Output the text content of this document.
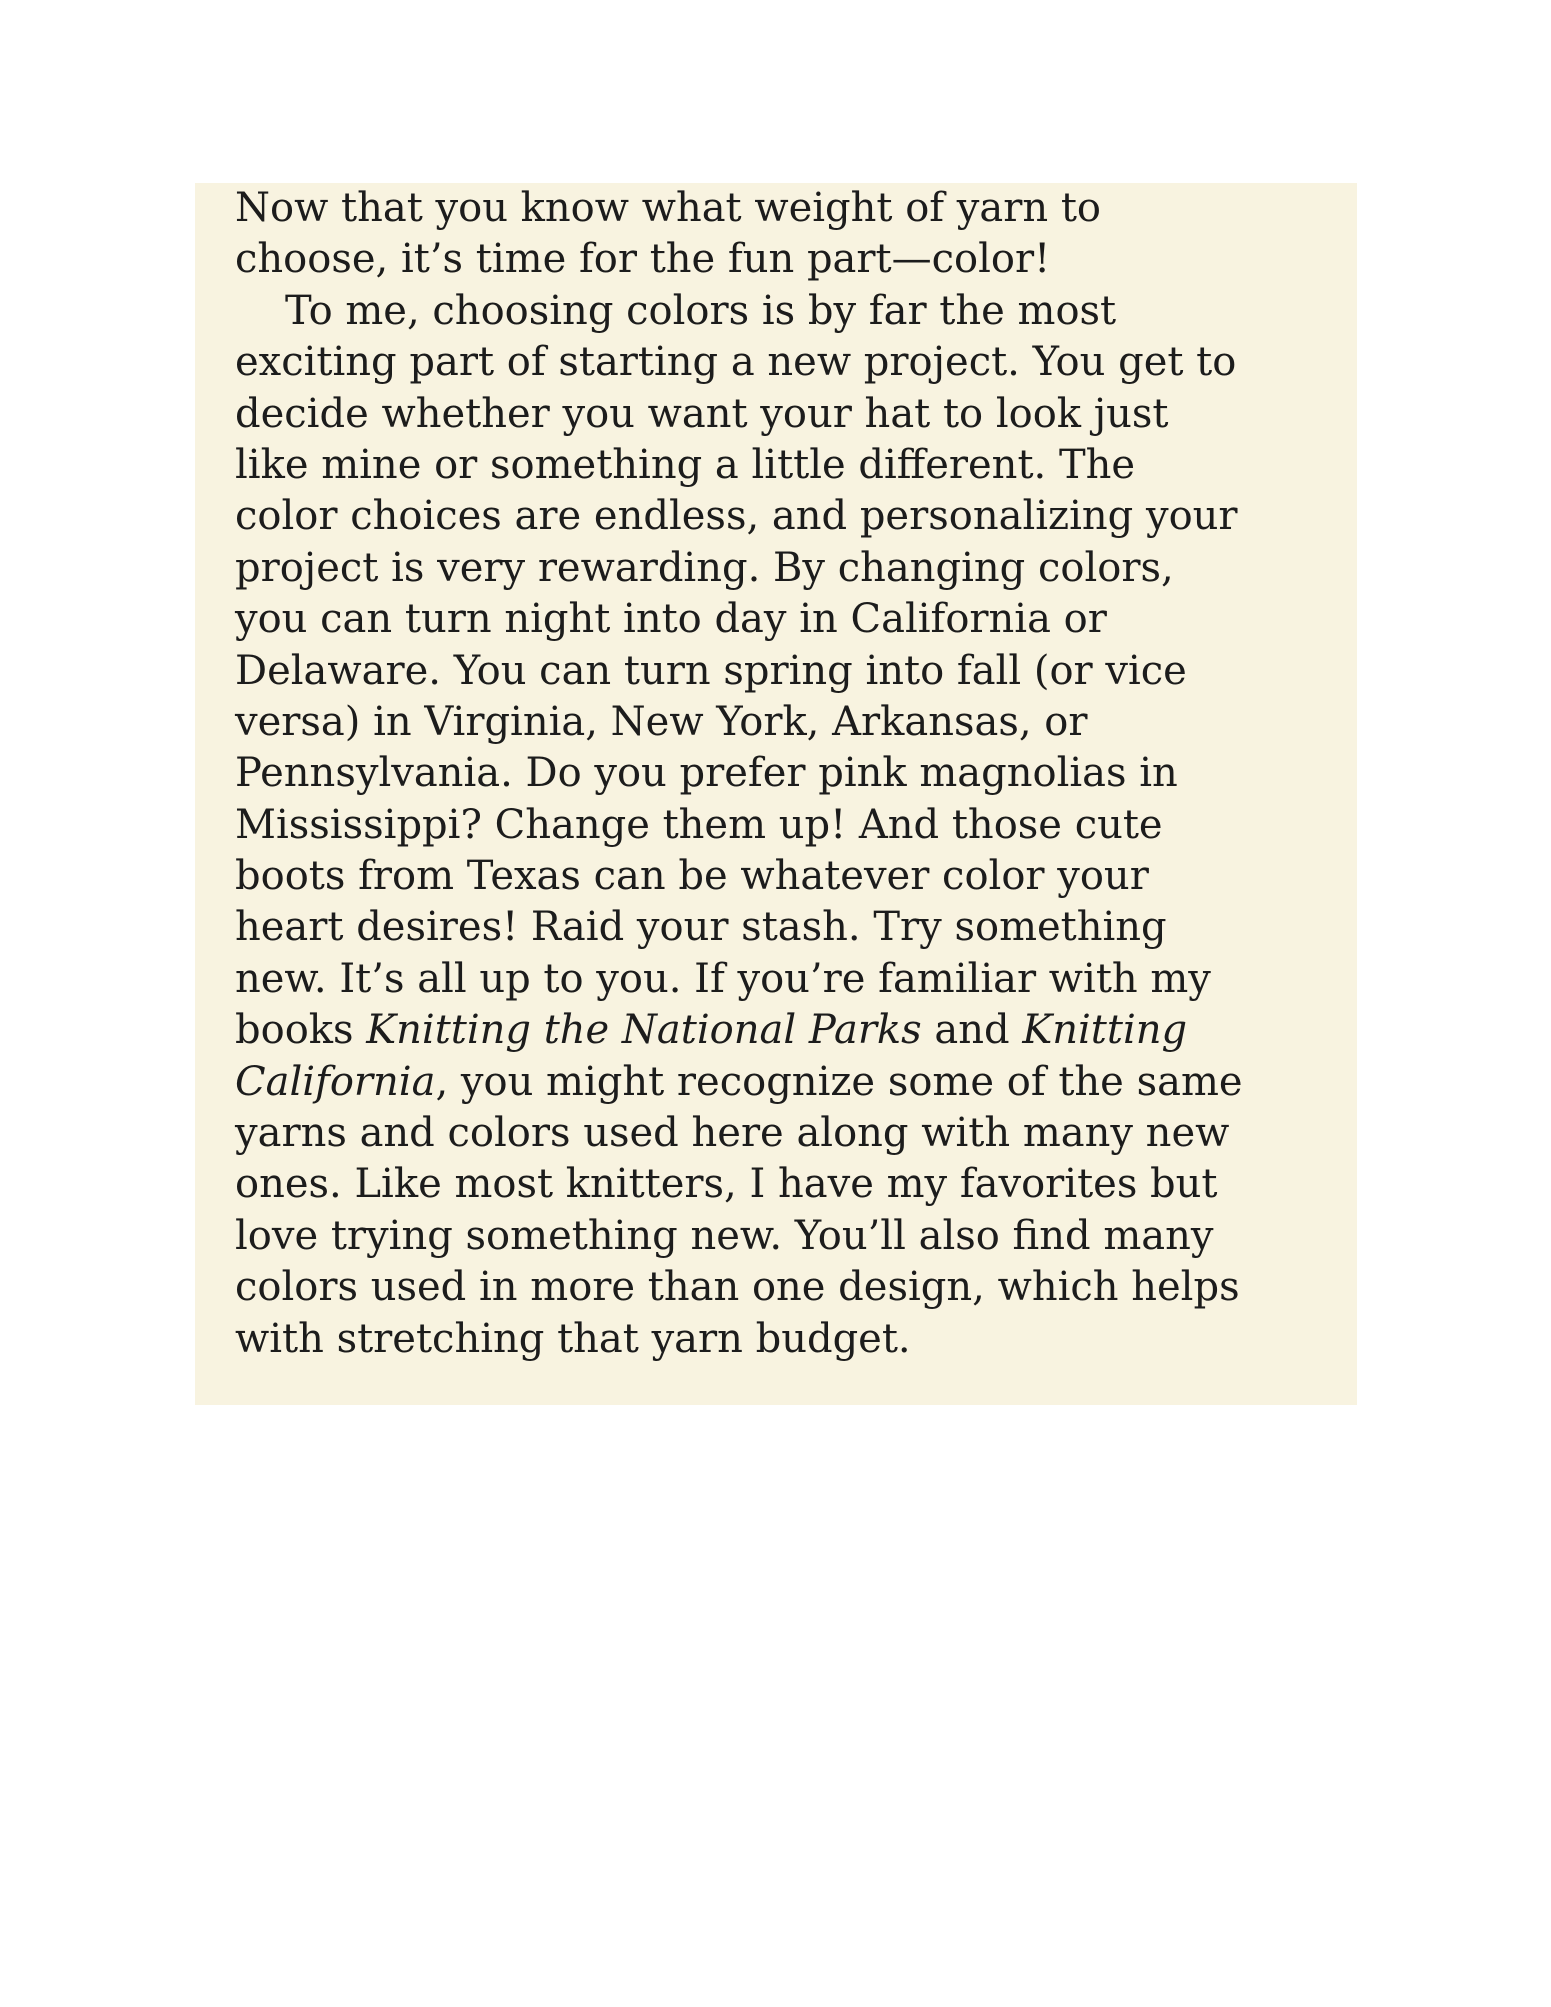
Now that you know what weight of yarn to
choose, it’s time for the fun part—color!
To me, choosing colors is by far the most
exciting part of starting a new project. You get to
decide whether you want your hat to look just
like mine or something a little different. The
color choices are endless, and personalizing your
project is very rewarding. By changing colors,
you can turn night into day in California or
Delaware. You can turn spring into fall (or vice
versa) in Virginia, New York, Arkansas, or
Pennsylvania. Do you prefer pink magnolias in
Mississippi? Change them up! And those cute
boots from Texas can be whatever color your
heart desires! Raid your stash. Try something
new. It’s all up to you. If you’re familiar with my
books Knitting the National Parks and Knitting
California, you might recognize some of the same
yarns and colors used here along with many new
ones. Like most knitters, I have my favorites but
love trying something new. You’ll also find many
colors used in more than one design, which helps
with stretching that yarn budget.
